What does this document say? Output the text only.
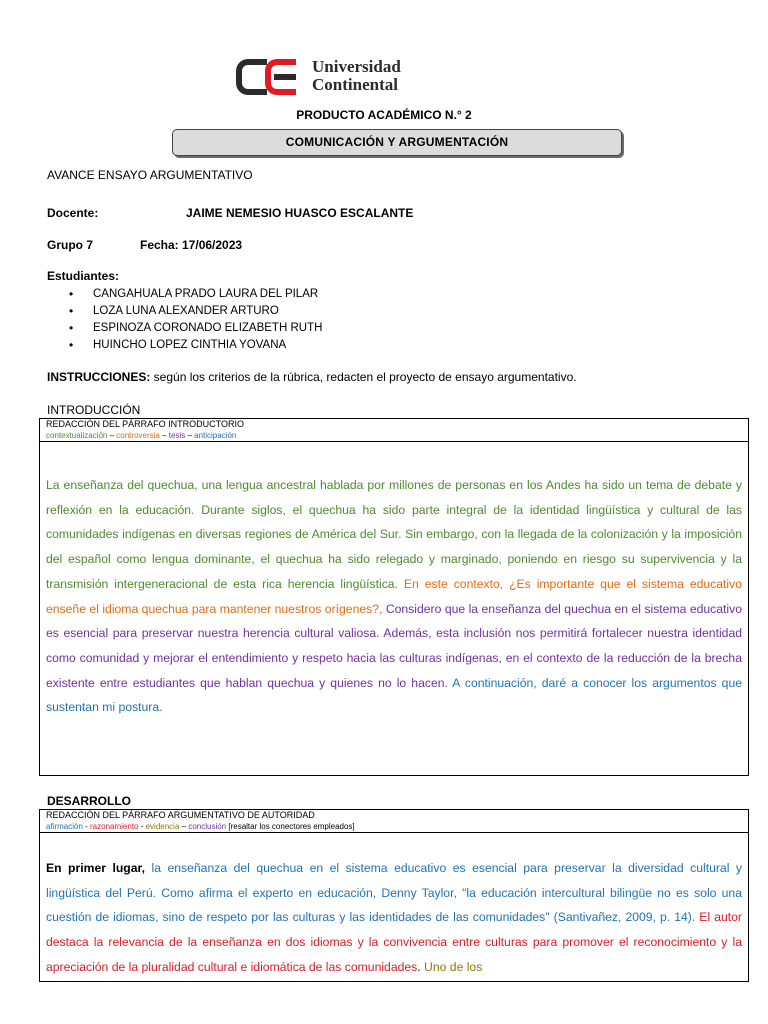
Universidad
Continental
PRODUCTO ACADÉMICO N.° 2
COMUNICACIÓN Y ARGUMENTACIÓN
AVANCE ENSAYO ARGUMENTATIVO
Docente:	JAIME NEMESIO HUASCO ESCALANTE
Grupo 7	Fecha: 17/06/2023
Estudiantes:
• CANGAHUALA PRADO LAURA DEL PILAR
• LOZA LUNA ALEXANDER ARTURO
• ESPINOZA CORONADO ELIZABETH RUTH
• HUINCHO LOPEZ CINTHIA YOVANA
INSTRUCCIONES: según los criterios de la rúbrica, redacten el proyecto de ensayo argumentativo.
INTRODUCCIÓN
REDACCIÓN DEL PÁRRAFO INTRODUCTORIO
contextualización – controversia – tesis – anticipación
La enseñanza del quechua, una lengua ancestral hablada por millones de personas en los Andes ha sido un tema de debate y reflexión en la educación. Durante siglos, el quechua ha sido parte integral de la identidad lingüística y cultural de las comunidades indígenas en diversas regiones de América del Sur. Sin embargo, con la llegada de la colonización y la imposición del español como lengua dominante, el quechua ha sido relegado y marginado, poniendo en riesgo su supervivencia y la transmisión intergeneracional de esta rica herencia lingüística. En este contexto, ¿Es importante que el sistema educativo enseñe el idioma quechua para mantener nuestros orígenes?, Considero que la enseñanza del quechua en el sistema educativo es esencial para preservar nuestra herencia cultural valiosa. Además, esta inclusión nos permitirá fortalecer nuestra identidad como comunidad y mejorar el entendimiento y respeto hacia las culturas indígenas, en el contexto de la reducción de la brecha existente entre estudiantes que hablan quechua y quienes no lo hacen. A continuación, daré a conocer los argumentos que sustentan mi postura.
DESARROLLO
REDACCIÓN DEL PÁRRAFO ARGUMENTATIVO DE AUTORIDAD
afirmación - razonamiento - evidencia – conclusión [resaltar los conectores empleados]
En primer lugar, la enseñanza del quechua en el sistema educativo es esencial para preservar la diversidad cultural y lingüística del Perú. Como afirma el experto en educación, Denny Taylor, "la educación intercultural bilingüe no es solo una cuestión de idiomas, sino de respeto por las culturas y las identidades de las comunidades" (Santivañez, 2009, p. 14). El autor destaca la relevancia de la enseñanza en dos idiomas y la convivencia entre culturas para promover el reconocimiento y la apreciación de la pluralidad cultural e idiomática de las comunidades. Uno de los
